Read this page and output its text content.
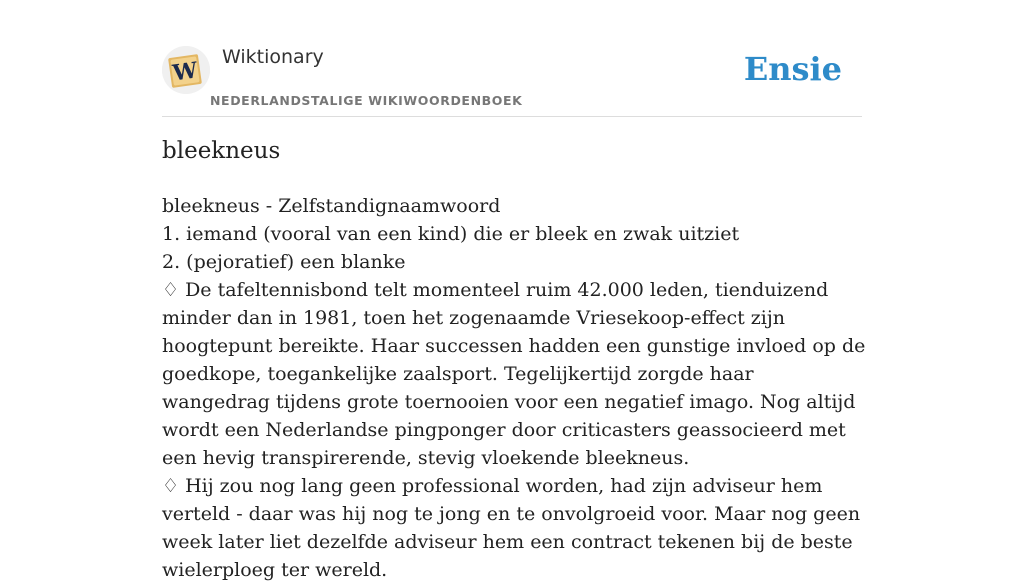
W
Wiktionary
NEDERLANDSTALIGE WIKIWOORDENBOEK
Ensie
bleekneus

bleekneus - Zelfstandignaamwoord

1. iemand (vooral van een kind) die er bleek en zwak uitziet

2. (pejoratief) een blanke

♢ De tafeltennisbond telt momenteel ruim 42.000 leden, tienduizend minder dan in 1981, toen het zogenaamde Vriesekoop-effect zijn hoogtepunt bereikte. Haar successen hadden een gunstige invloed op de goedkope, toegankelijke zaalsport. Tegelijkertijd zorgde haar wangedrag tijdens grote toernooien voor een negatief imago. Nog altijd wordt een Nederlandse pingponger door criticasters geassocieerd met een hevig transpirerende, stevig vloekende bleekneus.

♢ Hij zou nog lang geen professional worden, had zijn adviseur hem verteld - daar was hij nog te jong en te onvolgroeid voor. Maar nog geen week later liet dezelfde adviseur hem een contract tekenen bij de beste wielerploeg ter wereld.
